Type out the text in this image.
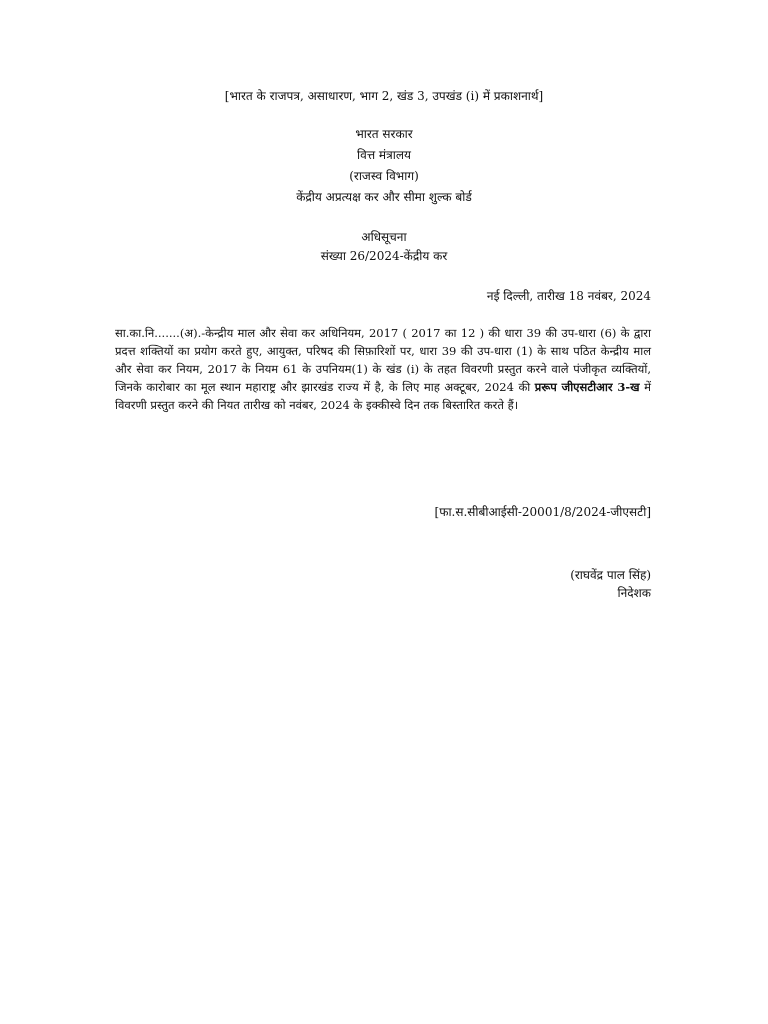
[भारत के राजपत्र, असाधारण, भाग 2, खंड 3, उपखंड (i) में प्रकाशनार्थ]
भारत सरकार
वित्त मंत्रालय
(राजस्व विभाग)
केंद्रीय अप्रत्यक्ष कर और सीमा शुल्क बोर्ड
अधिसूचना
संख्या 26/2024-केंद्रीय कर
नई दिल्ली, तारीख 18 नवंबर, 2024
सा.का.नि.......(अ).-केन्द्रीय माल और सेवा कर अधिनियम, 2017 ( 2017 का 12 ) की धारा 39 की उप-धारा (6) के द्वारा प्रदत्त शक्तियों का प्रयोग करते हुए, आयुक्त, परिषद की सिफ़ारिशों पर, धारा 39 की उप-धारा (1) के साथ पठित केन्द्रीय माल और सेवा कर नियम, 2017 के नियम 61 के उपनियम(1) के खंड (i) के तहत विवरणी प्रस्तुत करने वाले पंजीकृत व्यक्तियों, जिनके कारोबार का मूल स्थान महाराष्ट्र और झारखंड राज्य में है, के लिए माह अक्टूबर, 2024 की प्ररूप जीएसटीआर 3-ख में विवरणी प्रस्तुत करने की नियत तारीख को नवंबर, 2024 के इक्कीस्वे दिन तक बिस्तारित करते हैं।
[फा.स.सीबीआईसी-20001/8/2024-जीएसटी]
(राघवेंद्र पाल सिंह)
निदेशक
